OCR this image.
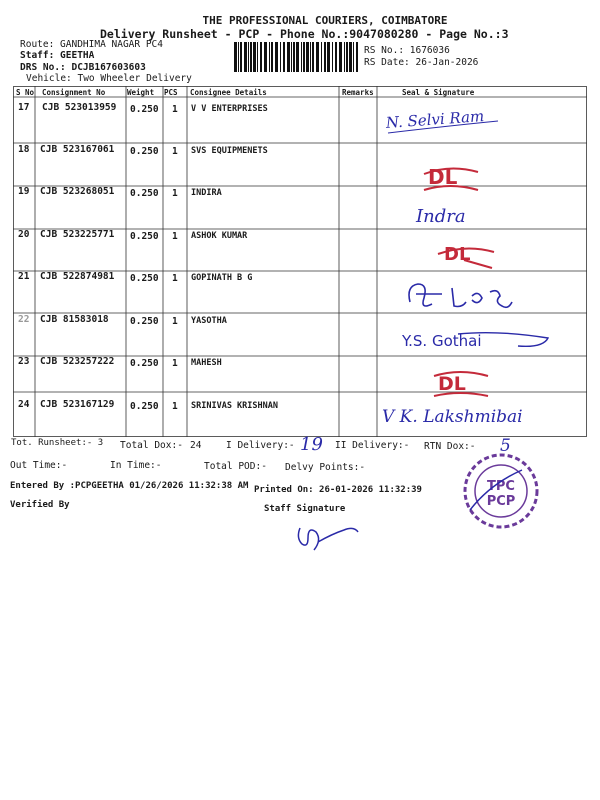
THE PROFESSIONAL COURIERS, COIMBATORE
Delivery Runsheet - PCP - Phone No.:9047080280 - Page No.:3
Route: GANDHIMA NAGAR PC4
Staff: GEETHA
DRS No.: DCJB167603603
Vehicle: Two Wheeler Delivery
RS No.: 1676036
RS Date: 26-Jan-2026
S No Consignment No	Weight PCS Consignee Details	Remarks	Seal & Signature
17 CJB 523013959 0.250 1 V V ENTERPRISES
18 CJB 523167061 0.250 1 SVS EQUIPMENETS
19 CJB 523268051 0.250 1 INDIRA
20 CJB 523225771 0.250 1 ASHOK KUMAR
21 CJB 522874981 0.250 1 GOPINATH B G
22 CJB 81583018 0.250 1 YASOTHA
23 CJB 523257222 0.250 1 MAHESH
24 CJB 523167129 0.250 1 SRINIVAS KRISHNAN
N. Selvi Ram
DL
Indra
DL
Y.S. Gothai
DL
V K. Lakshmibai
Tot. Runsheet:- 3 Total Dox:- 24	I Delivery:- 19 II Delivery:- RTN Dox:- 5
Out Time:-	In Time:-	Total POD:- Delvy Points:-
Entered By :PCPGEETHA 01/26/2026 11:32:38 AM Printed On: 26-01-2026 11:32:39
Verified By	Staff Signature
TPC
PCP
